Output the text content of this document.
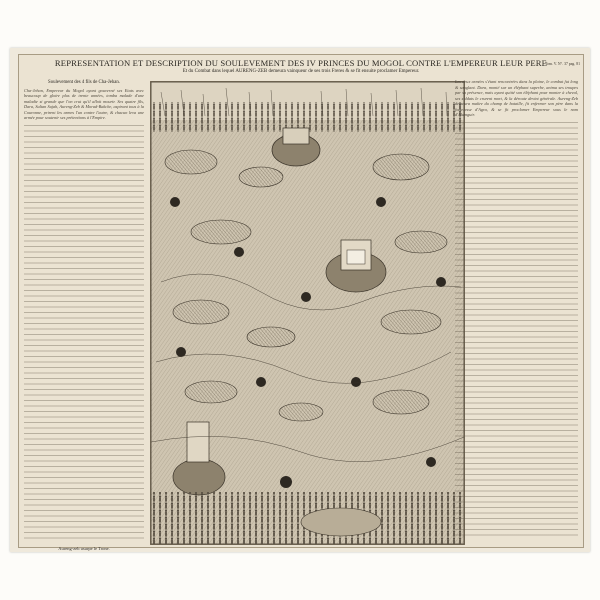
REPRESENTATION ET DESCRIPTION DU SOULEVEMENT DES IV PRINCES DU MOGOL CONTRE L'EMPEREUR LEUR PERE
Et du Combat dans lequel AURENG-ZEB demeura vainqueur de ses trois Freres & se fit ensuite proclamer Empereur.
Tom. V. N°. 37 pag. 81
Soulevement des 4 fils de Cha-Jehan.

Cha-Jehan, Empereur du Mogol ayant gouverné ses Etats avec beaucoup de gloire plus de trente années, tomba malade d'une maladie si grande que l'on crut qu'il alloit mourir. Ses quatre fils, Dara, Sultan Sujah, Aureng-Zeb & Morad-Bakche, aspirant tous à la Couronne, prirent les armes l'un contre l'autre, & chacun leva une armée pour soutenir ses prétentions à l'Empire.

Aureng-zeb usurpe le Trone.

Les deux armées s'étant rencontrées dans la plaine, le combat fut long & sanglant. Dara, monté sur un éléphant superbe, anima ses troupes par sa présence, mais ayant quitté son éléphant pour monter à cheval, ses soldats le crurent mort, & la déroute devint générale. Aureng-Zeb demeura maître du champ de bataille, fit enfermer son père dans la forteresse d'Agra, & se fit proclamer Empereur sous le nom d'Alamguir.
